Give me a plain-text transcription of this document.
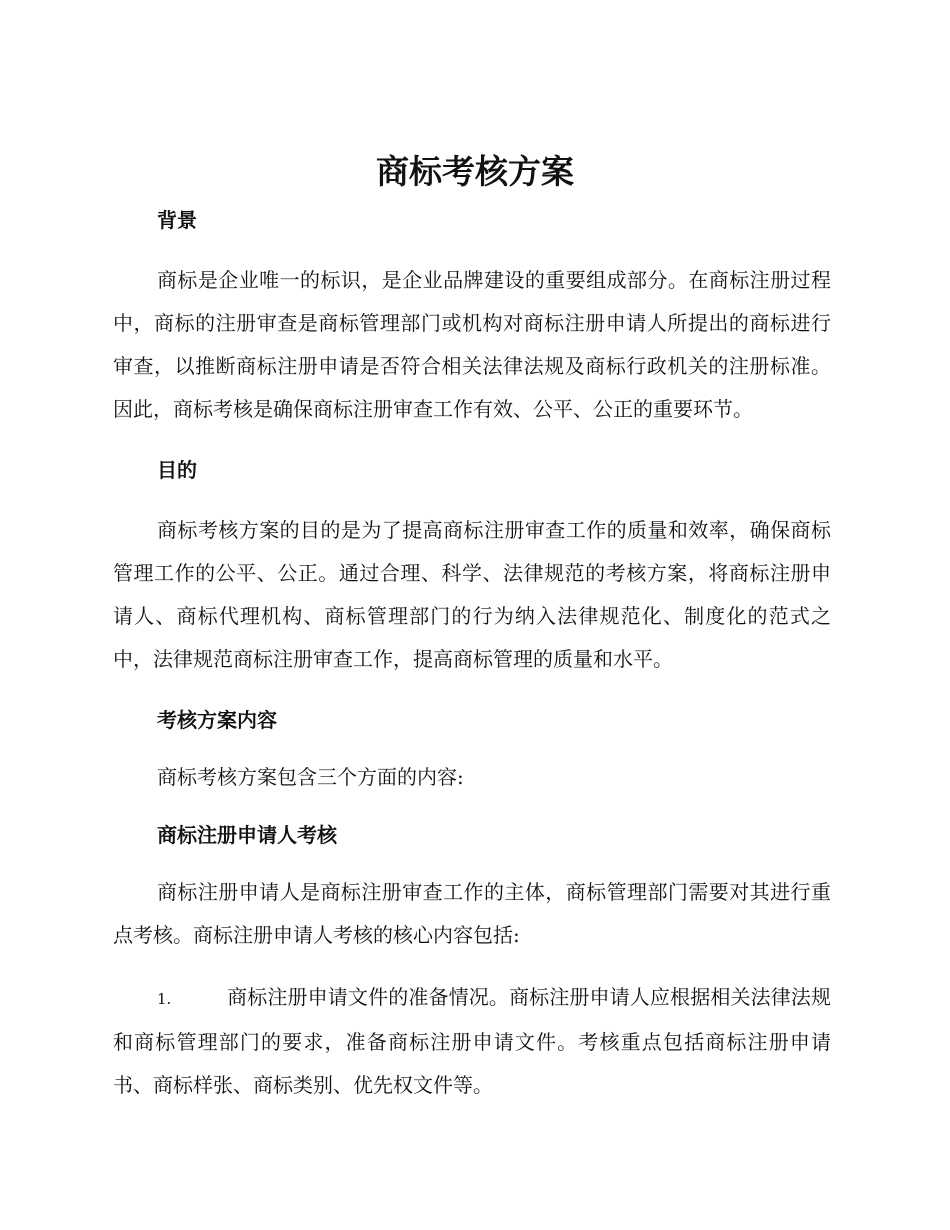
商标考核方案
背景

商标是企业唯一的标识，是企业品牌建设的重要组成部分。在商标注册过程中，商标的注册审查是商标管理部门或机构对商标注册申请人所提出的商标进行审查，以推断商标注册申请是否符合相关法律法规及商标行政机关的注册标准。因此，商标考核是确保商标注册审查工作有效、公平、公正的重要环节。

目的

商标考核方案的目的是为了提高商标注册审查工作的质量和效率，确保商标管理工作的公平、公正。通过合理、科学、法律规范的考核方案，将商标注册申请人、商标代理机构、商标管理部门的行为纳入法律规范化、制度化的范式之中，法律规范商标注册审查工作，提高商标管理的质量和水平。

考核方案内容

商标考核方案包含三个方面的内容:

商标注册申请人考核

商标注册申请人是商标注册审查工作的主体，商标管理部门需要对其进行重点考核。商标注册申请人考核的核心内容包括:

1.	商标注册申请文件的准备情况。商标注册申请人应根据相关法律法规和商标管理部门的要求，准备商标注册申请文件。考核重点包括商标注册申请书、商标样张、商标类别、优先权文件等。
